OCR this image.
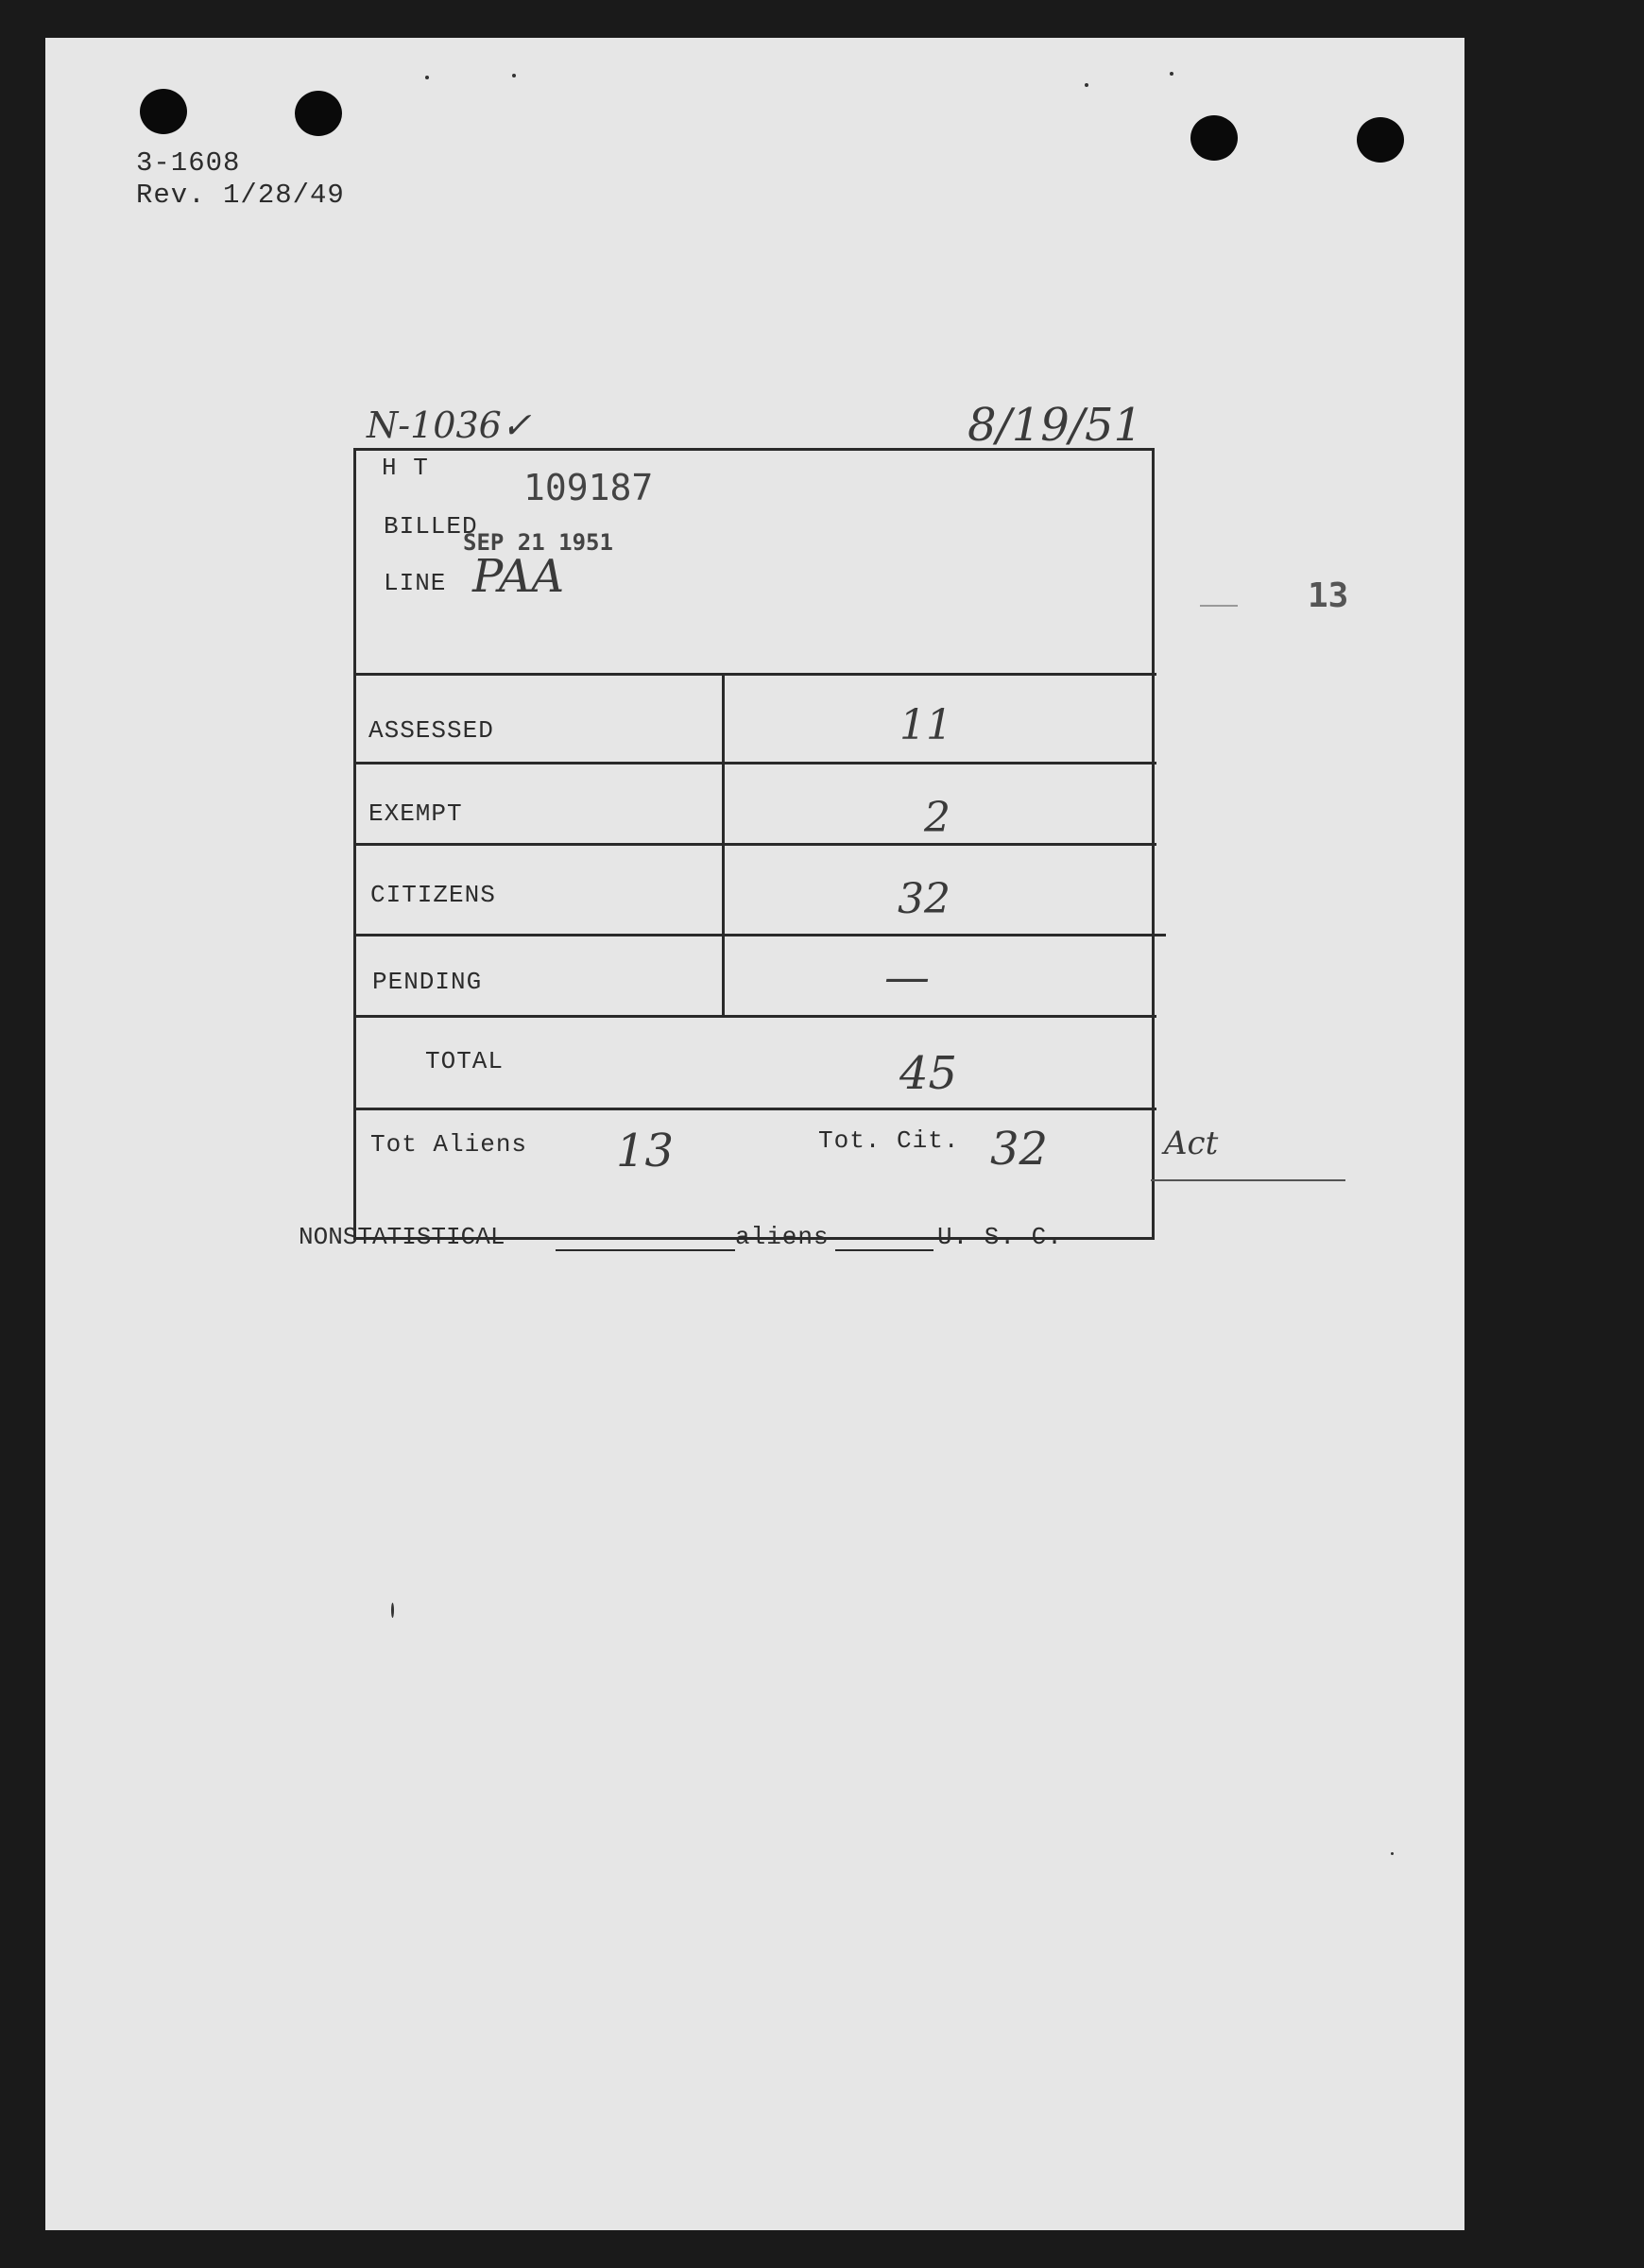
3-1608
Rev. 1/28/49
N-1036✓	8/19/51
13
H T	109187
BILLED
SEP 21 1951
LINE PAA
ASSESSED	11
EXEMPT	2
CITIZENS	32
PENDING	—
TOTAL	45
Tot Aliens 13	Tot. Cit. 32	Act
NONSTATISTICAL	aliens	U. S. C.
